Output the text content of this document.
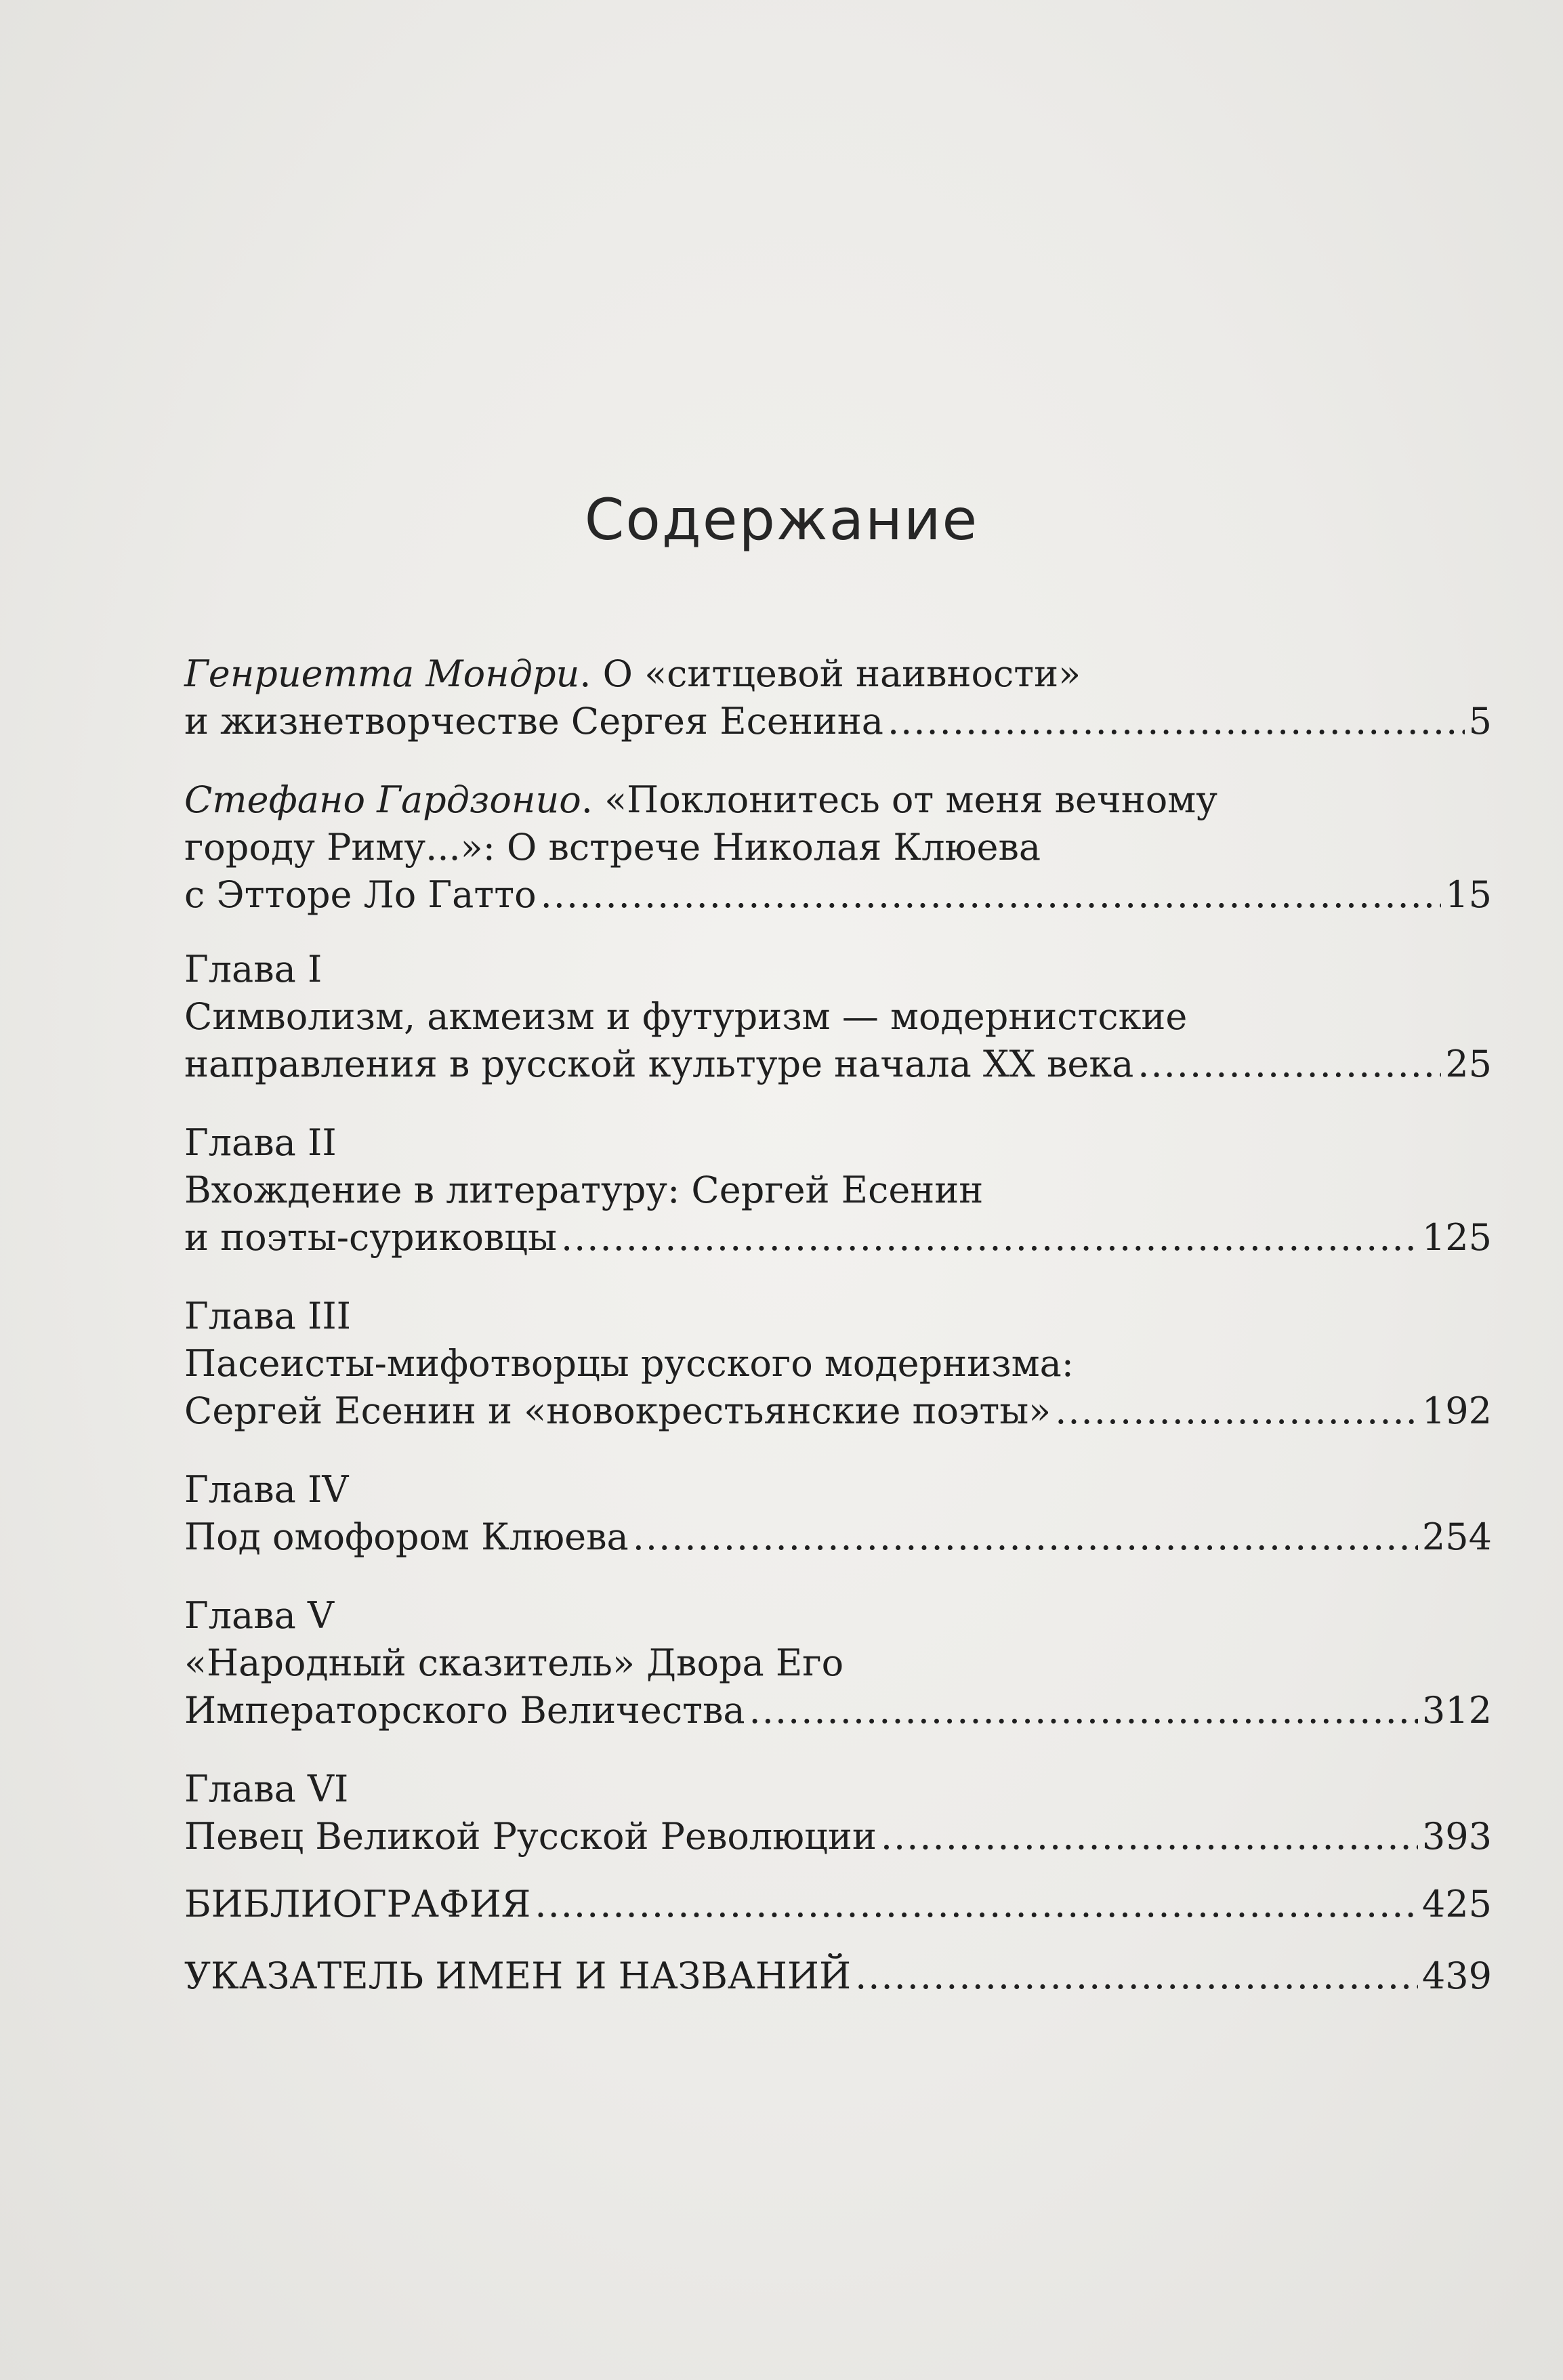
Содержание
Генриетта Мондри. О «ситцевой наивности»
и жизнетворчестве Сергея Есенина .....	5
Стефано Гардзонио. «Поклонитесь от меня вечному
городу Риму...»: О встрече Николая Клюева
с Этторе Ло Гатто .....	15
Глава I
Символизм, акмеизм и футуризм — модернистские
направления в русской культуре начала XX века .....	25
Глава II
Вхождение в литературу: Сергей Есенин
и поэты-суриковцы .....	125
Глава III
Пасеисты-мифотворцы русского модернизма:
Сергей Есенин и «новокрестьянские поэты» .....	192
Глава IV
Под омофором Клюева .....	254
Глава V
«Народный сказитель» Двора Его
Императорского Величества .....	312
Глава VI
Певец Великой Русской Революции .....	393
БИБЛИОГРАФИЯ .....	425
УКАЗАТЕЛЬ ИМЕН И НАЗВАНИЙ .....	439
